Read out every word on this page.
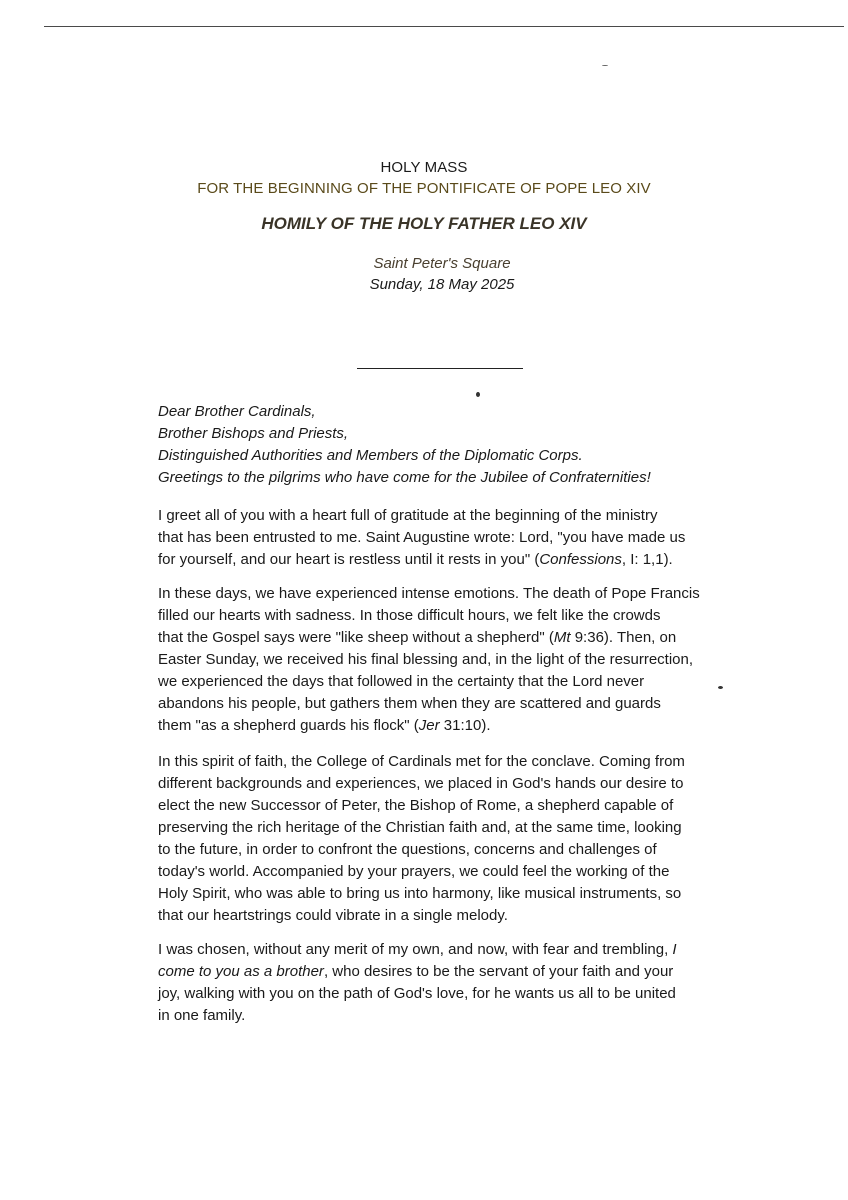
HOLY MASS
FOR THE BEGINNING OF THE PONTIFICATE OF POPE LEO XIV
HOMILY OF THE HOLY FATHER LEO XIV
Saint Peter's Square
Sunday, 18 May 2025
Dear Brother Cardinals,
Brother Bishops and Priests,
Distinguished Authorities and Members of the Diplomatic Corps.
Greetings to the pilgrims who have come for the Jubilee of Confraternities!
I greet all of you with a heart full of gratitude at the beginning of the ministry
that has been entrusted to me. Saint Augustine wrote: Lord, "you have made us
for yourself, and our heart is restless until it rests in you" (Confessions, I: 1,1).
In these days, we have experienced intense emotions. The death of Pope Francis
filled our hearts with sadness. In those difficult hours, we felt like the crowds
that the Gospel says were "like sheep without a shepherd" (Mt 9:36). Then, on
Easter Sunday, we received his final blessing and, in the light of the resurrection,
we experienced the days that followed in the certainty that the Lord never
abandons his people, but gathers them when they are scattered and guards
them "as a shepherd guards his flock" (Jer 31:10).
In this spirit of faith, the College of Cardinals met for the conclave. Coming from
different backgrounds and experiences, we placed in God's hands our desire to
elect the new Successor of Peter, the Bishop of Rome, a shepherd capable of
preserving the rich heritage of the Christian faith and, at the same time, looking
to the future, in order to confront the questions, concerns and challenges of
today's world. Accompanied by your prayers, we could feel the working of the
Holy Spirit, who was able to bring us into harmony, like musical instruments, so
that our heartstrings could vibrate in a single melody.
I was chosen, without any merit of my own, and now, with fear and trembling, I
come to you as a brother, who desires to be the servant of your faith and your
joy, walking with you on the path of God's love, for he wants us all to be united
in one family.
